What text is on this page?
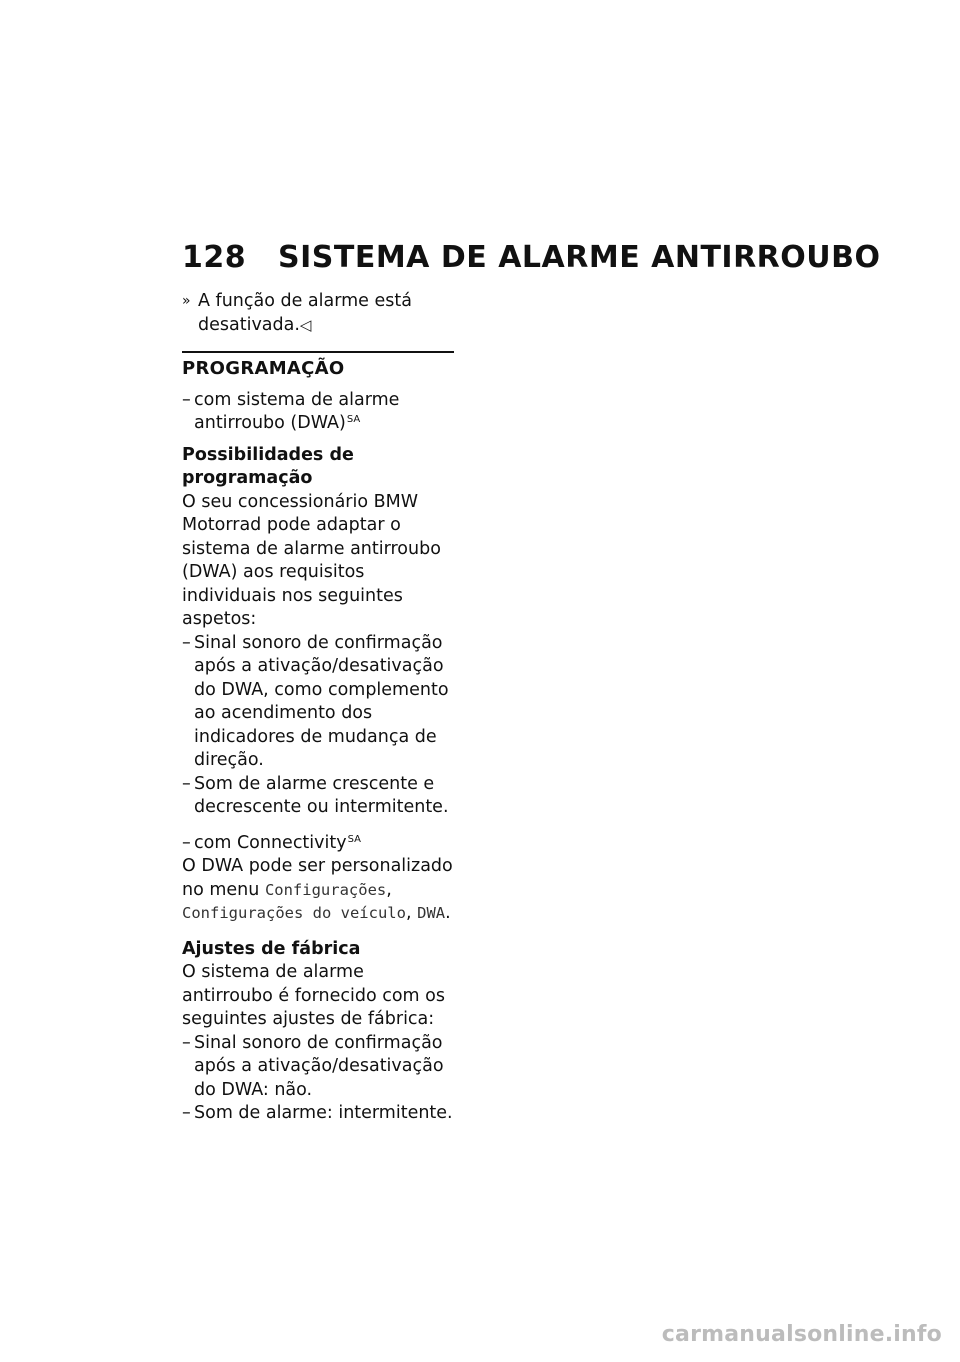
128 SISTEMA DE ALARME ANTIRROUBO
» A função de alarme está desativada.◁
PROGRAMAÇÃO
– com sistema de alarme antirroubo (DWA)$^{SA}$
Possibilidades de programação

O seu concessionário BMW Motorrad pode adaptar o sistema de alarme antirroubo (DWA) aos requisitos individuais nos seguintes aspetos:

– Sinal sonoro de confirmação após a ativação/desativação do DWA, como complemento ao acendimento dos indicadores de mudança de direção.
– Som de alarme crescente e decrescente ou intermitente.
– com Connectivity$^{SA}$

O DWA pode ser personalizado no menu Configurações, Configurações do veículo, DWA.

Ajustes de fábrica

O sistema de alarme antirroubo é fornecido com os seguintes ajustes de fábrica:

– Sinal sonoro de confirmação após a ativação/desativação do DWA: não.
– Som de alarme: intermitente.
carmanualsonline.info
